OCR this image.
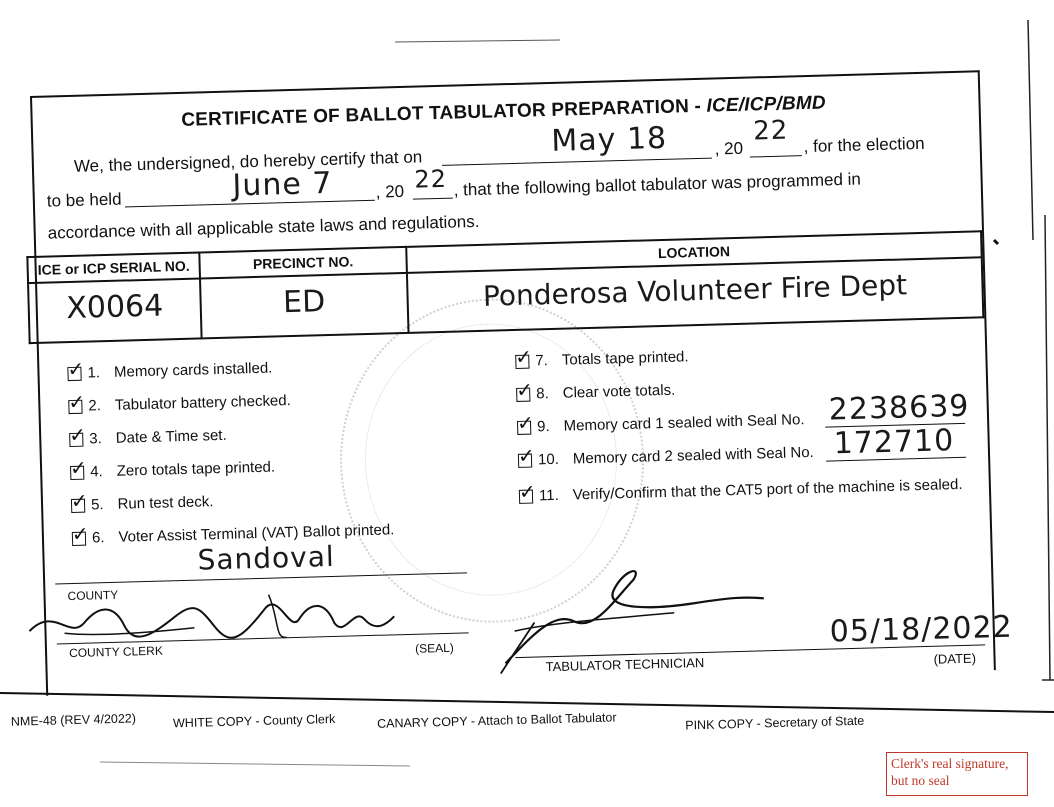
CERTIFICATE OF BALLOT TABULATOR PREPARATION - ICE/ICP/BMD
We, the undersigned, do hereby certify that on
May 18	, 20
22 , for the election
to be held	June 7	, 20 22 , that the following ballot tabulator was programmed in
accordance with all applicable state laws and regulations.
ICE or ICP SERIAL NO.	PRECINCT NO.	LOCATION

X0064	ED	Ponderosa Volunteer Fire Dept
✓ 1. Memory cards installed.
✓ 2. Tabulator battery checked.
✓ 3. Date & Time set.
✓ 4. Zero totals tape printed.
✓ 5. Run test deck.
✓ 6. Voter Assist Terminal (VAT) Ballot printed.
✓ 7. Totals tape printed.
✓ 8. Clear vote totals.
✓ 9. Memory card 1 sealed with Seal No. 2238639
✓ 10. Memory card 2 sealed with Seal No. 172710
✓ 11. Verify/Confirm that the CAT5 port of the machine is sealed.
Sandoval
COUNTY
COUNTY CLERK	(SEAL)
TABULATOR TECHNICIAN
05/18/2022
(DATE)
NME-48 (REV 4/2022)	WHITE COPY - County Clerk	CANARY COPY - Attach to Ballot Tabulator	PINK COPY - Secretary of State
Clerk's real signature,
but no seal
